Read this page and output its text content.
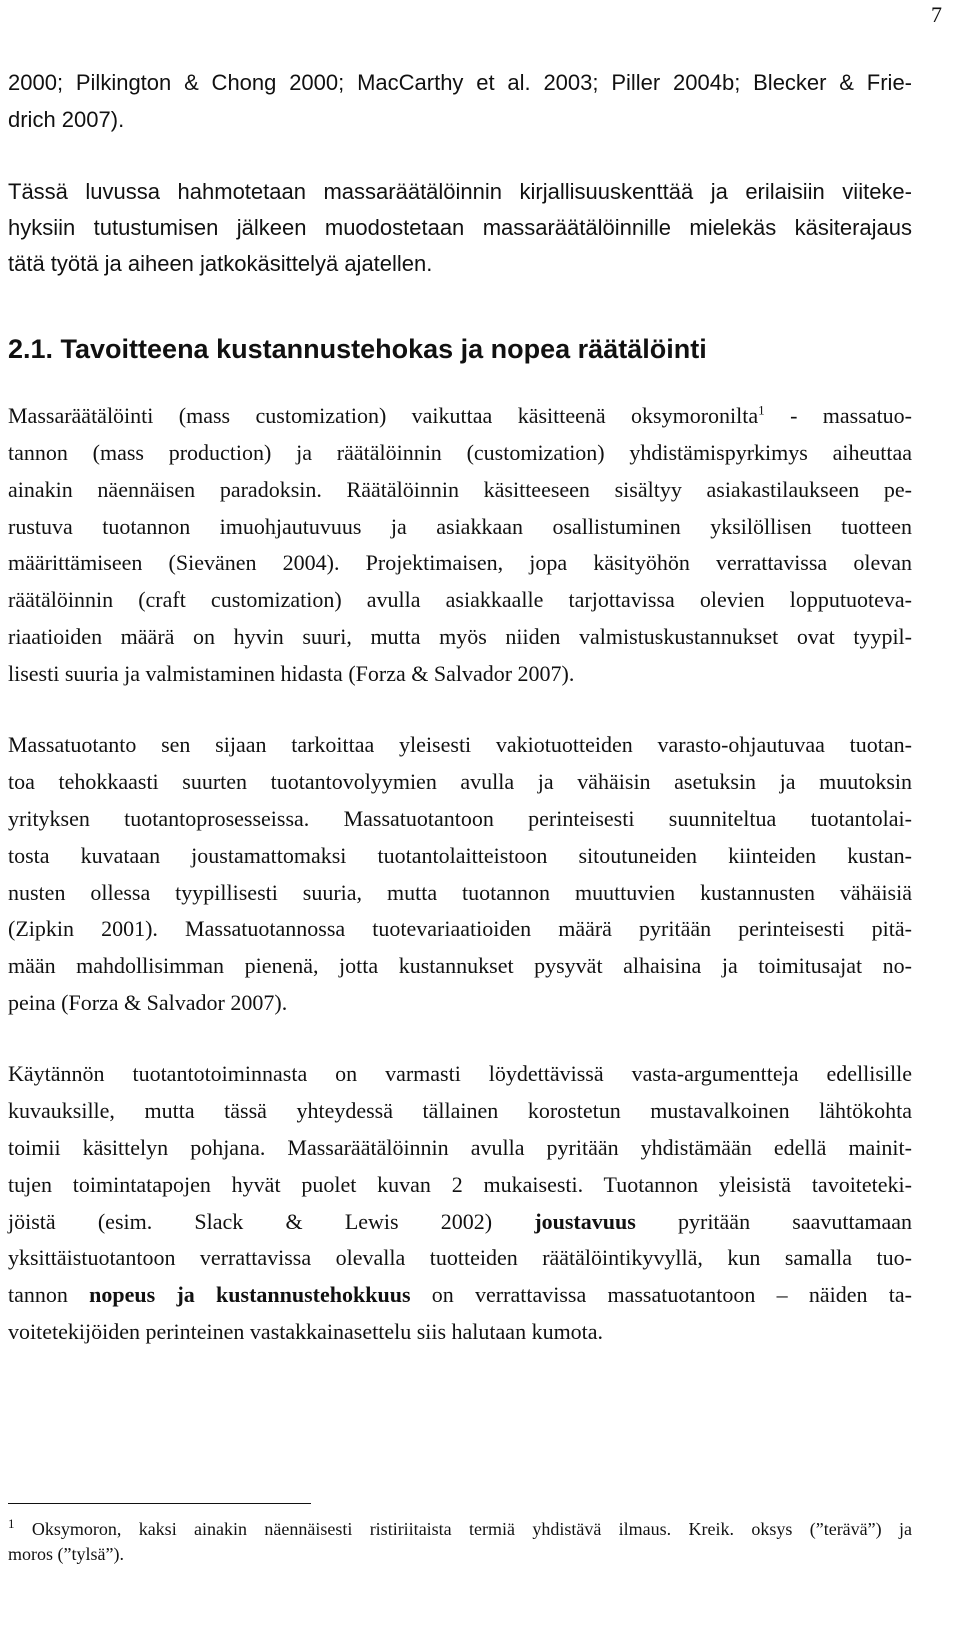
7
2000; Pilkington & Chong 2000; MacCarthy et al. 2003; Piller 2004b; Blecker & Frie-
drich 2007).
Tässä luvussa hahmotetaan massaräätälöinnin kirjallisuuskenttää ja erilaisiin viiteke-
hyksiin tutustumisen jälkeen muodostetaan massaräätälöinnille mielekäs käsiterajaus
tätä työtä ja aiheen jatkokäsittelyä ajatellen.
2.1. Tavoitteena kustannustehokas ja nopea räätälöinti
Massaräätälöinti (mass customization) vaikuttaa käsitteenä oksymoronilta$^1$ - massatuo-
tannon (mass production) ja räätälöinnin (customization) yhdistämispyrkimys aiheuttaa
ainakin näennäisen paradoksin. Räätälöinnin käsitteeseen sisältyy asiakastilaukseen pe-
rustuva tuotannon imuohjautuvuus ja asiakkaan osallistuminen yksilöllisen tuotteen
määrittämiseen (Sievänen 2004). Projektimaisen, jopa käsityöhön verrattavissa olevan
räätälöinnin (craft customization) avulla asiakkaalle tarjottavissa olevien lopputuoteva-
riaatioiden määrä on hyvin suuri, mutta myös niiden valmistuskustannukset ovat tyypil-
lisesti suuria ja valmistaminen hidasta (Forza & Salvador 2007).
Massatuotanto sen sijaan tarkoittaa yleisesti vakiotuotteiden varasto-ohjautuvaa tuotan-
toa tehokkaasti suurten tuotantovolyymien avulla ja vähäisin asetuksin ja muutoksin
yrityksen tuotantoprosesseissa. Massatuotantoon perinteisesti suunniteltua tuotantolai-
tosta kuvataan joustamattomaksi tuotantolaitteistoon sitoutuneiden kiinteiden kustan-
nusten ollessa tyypillisesti suuria, mutta tuotannon muuttuvien kustannusten vähäisiä
(Zipkin 2001). Massatuotannossa tuotevariaatioiden määrä pyritään perinteisesti pitä-
mään mahdollisimman pienenä, jotta kustannukset pysyvät alhaisina ja toimitusajat no-
peina (Forza & Salvador 2007).
Käytännön tuotantotoiminnasta on varmasti löydettävissä vasta-argumentteja edellisille
kuvauksille, mutta tässä yhteydessä tällainen korostetun mustavalkoinen lähtökohta
toimii käsittelyn pohjana. Massaräätälöinnin avulla pyritään yhdistämään edellä mainit-
tujen toimintatapojen hyvät puolet kuvan 2 mukaisesti. Tuotannon yleisistä tavoiteteki-
jöistä (esim. Slack & Lewis 2002) joustavuus pyritään saavuttamaan
yksittäistuotantoon verrattavissa olevalla tuotteiden räätälöintikyvyllä, kun samalla tuo-
tannon nopeus ja kustannustehokkuus on verrattavissa massatuotantoon – näiden ta-
voitetekijöiden perinteinen vastakkainasettelu siis halutaan kumota.
$^1$ Oksymoron, kaksi ainakin näennäisesti ristiriitaista termiä yhdistävä ilmaus. Kreik. oksys (”terävä”) ja
moros (”tylsä”).
